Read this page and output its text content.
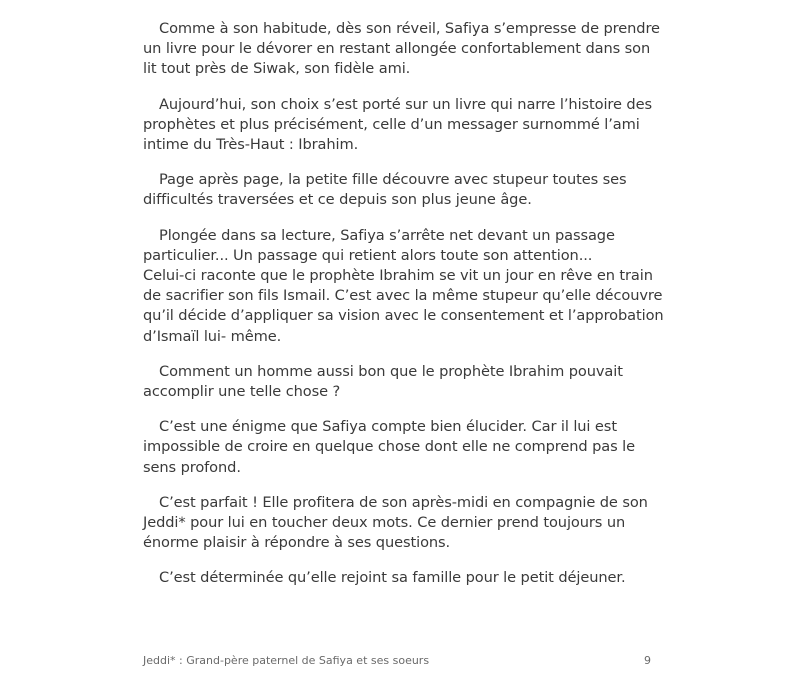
Comme à son habitude, dès son réveil, Safiya s’empresse de prendre
un livre pour le dévorer en restant allongée confortablement dans son
lit tout près de Siwak, son fidèle ami.

Aujourd’hui, son choix s’est porté sur un livre qui narre l’histoire des
prophètes et plus précisément, celle d’un messager surnommé l’ami
intime du Très-Haut : Ibrahim.

Page après page, la petite fille découvre avec stupeur toutes ses
difficultés traversées et ce depuis son plus jeune âge.

Plongée dans sa lecture, Safiya s’arrête net devant un passage
particulier... Un passage qui retient alors toute son attention...
Celui-ci raconte que le prophète Ibrahim se vit un jour en rêve en train
de sacrifier son fils Ismail. C’est avec la même stupeur qu’elle découvre
qu’il décide d’appliquer sa vision avec le consentement et l’approbation
d’Ismaïl lui- même.

Comment un homme aussi bon que le prophète Ibrahim pouvait
accomplir une telle chose ?

C’est une énigme que Safiya compte bien élucider. Car il lui est
impossible de croire en quelque chose dont elle ne comprend pas le
sens profond.

C’est parfait ! Elle profitera de son après-midi en compagnie de son
Jeddi* pour lui en toucher deux mots. Ce dernier prend toujours un
énorme plaisir à répondre à ses questions.

C’est déterminée qu’elle rejoint sa famille pour le petit déjeuner.

Jeddi* : Grand-père paternel de Safiya et ses soeurs	9
